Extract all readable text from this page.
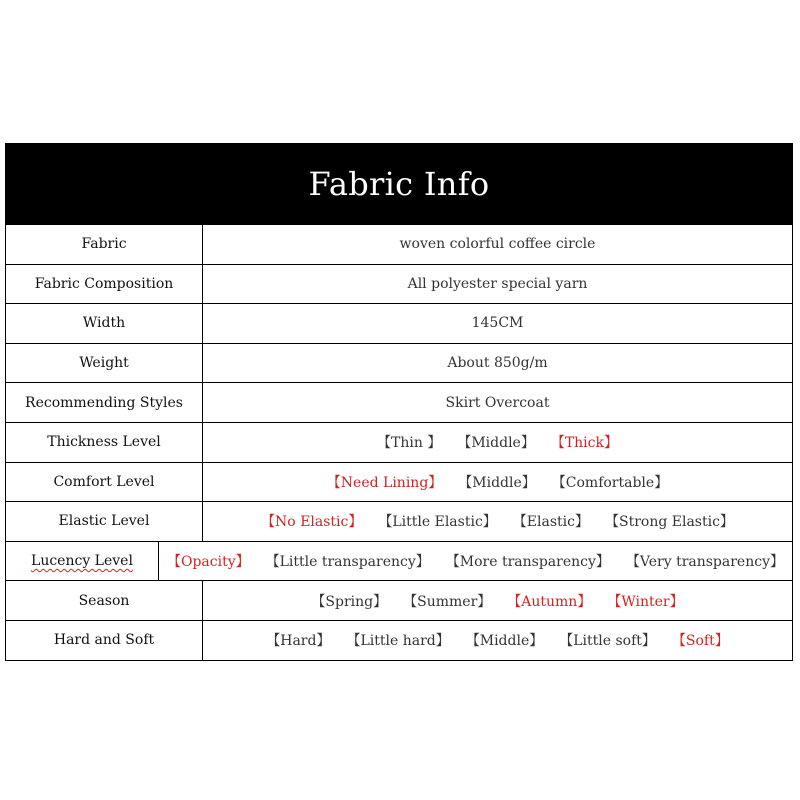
Fabric Info
Fabric	woven colorful coffee circle
Fabric Composition	All polyester special yarn
Width	145CM
Weight	About 850g/m
Recommending Styles	Skirt Overcoat
Thickness Level	【Thin 】 【Middle】 【Thick】
Comfort Level	【Need Lining】 【Middle】 【Comfortable】
Elastic Level	【No Elastic】 【Little Elastic】 【Elastic】 【Strong Elastic】
Lucency Level 【Opacity】 【Little transparency】 【More transparency】 【Very transparency】
Season	【Spring】 【Summer】 【Autumn】 【Winter】
Hard and Soft	【Hard】 【Little hard】 【Middle】 【Little soft】 【Soft】
